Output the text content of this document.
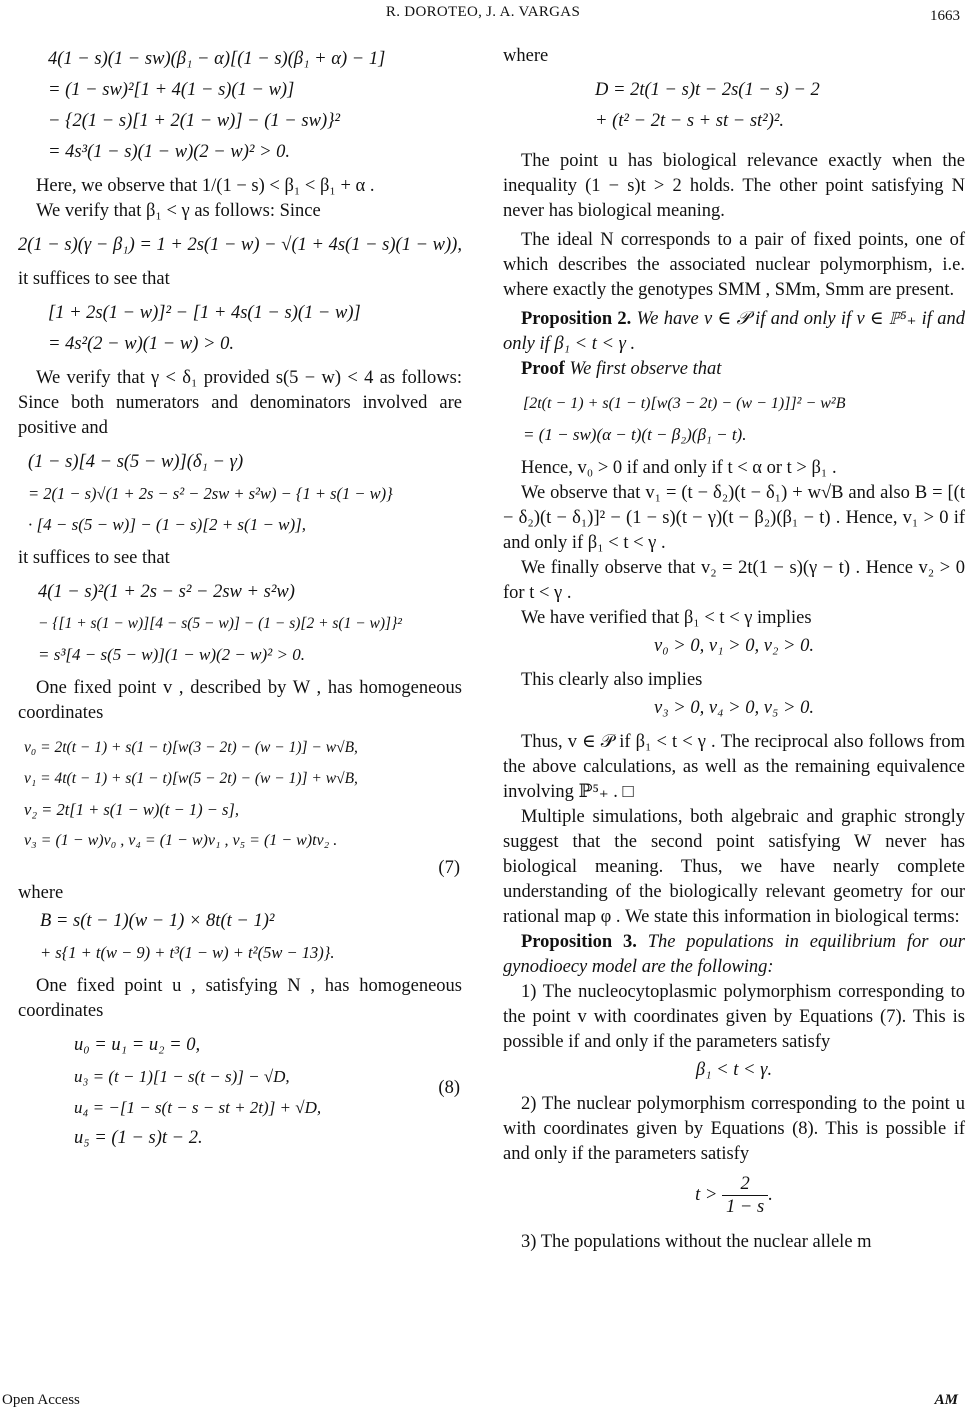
R. DOROTEO, J. A. VARGAS	1663
4(1 − s)(1 − sw)(β₁ − α)[(1 − s)(β₁ + α) − 1]
= (1 − sw)²[1 + 4(1 − s)(1 − w)]
− {2(1 − s)[1 + 2(1 − w)] − (1 − sw)}²
= 4s³(1 − s)(1 − w)(2 − w)² > 0.

Here, we observe that 1/(1 − s) < β₁ < β₁ + α .

We verify that β₁ < γ as follows: Since

2(1 − s)(γ − β₁) = 1 + 2s(1 − w) − √(1 + 4s(1 − s)(1 − w)),

it suffices to see that

[1 + 2s(1 − w)]² − [1 + 4s(1 − s)(1 − w)]
= 4s²(2 − w)(1 − w) > 0.

We verify that γ < δ₁ provided s(5 − w) < 4 as follows: Since both numerators and denominators involved are positive and

(1 − s)[4 − s(5 − w)](δ₁ − γ)
= 2(1 − s)√(1 + 2s − s² − 2sw + s²w) − {1 + s(1 − w)}
· [4 − s(5 − w)] − (1 − s)[2 + s(1 − w)],

it suffices to see that

4(1 − s)²(1 + 2s − s² − 2sw + s²w)
− {[1 + s(1 − w)][4 − s(5 − w)] − (1 − s)[2 + s(1 − w)]}²
= s³[4 − s(5 − w)](1 − w)(2 − w)² > 0.

One fixed point v , described by W , has homogeneous coordinates

v₀ = 2t(t − 1) + s(1 − t)[w(3 − 2t) − (w − 1)] − w√B,
v₁ = 4t(t − 1) + s(1 − t)[w(5 − 2t) − (w − 1)] + w√B,
v₂ = 2t[1 + s(1 − w)(t − 1) − s],
v₃ = (1 − w)v₀ , v₄ = (1 − w)v₁ , v₅ = (1 − w)tv₂ .
(7)

where

B = s(t − 1)(w − 1) × 8t(t − 1)²
+ s{1 + t(w − 9) + t³(1 − w) + t²(5w − 13)}.

One fixed point u , satisfying N , has homogeneous coordinates

u₀ = u₁ = u₂ = 0,
u₃ = (t − 1)[1 − s(t − s)] − √D,
u₄ = −[1 − s(t − s − st + 2t)] + √D,
u₅ = (1 − s)t − 2.
(8)

where

D = 2t(1 − s)t − 2s(1 − s) − 2
+ (t² − 2t − s + st − st²)².

The point u has biological relevance exactly when the inequality (1 − s)t > 2 holds. The other point satisfying N never has biological meaning.

The ideal N corresponds to a pair of fixed points, one of which describes the associated nuclear polymorphism, i.e. where exactly the genotypes SMM , SMm, Smm are present.

Proposition 2. We have v ∈ 𝒫 if and only if v ∈ ℙ⁵₊ if and only if β₁ < t < γ .

Proof We first observe that

[2t(t − 1) + s(1 − t)[w(3 − 2t) − (w − 1)]]² − w²B
= (1 − sw)(α − t)(t − β₂)(β₁ − t).

Hence, v₀ > 0 if and only if t < α or t > β₁ .

We observe that v₁ = (t − δ₂)(t − δ₁) + w√B and also B = [(t − δ₂)(t − δ₁)]² − (1 − s)(t − γ)(t − β₂)(β₁ − t) . Hence, v₁ > 0 if and only if β₁ < t < γ .

We finally observe that v₂ = 2t(1 − s)(γ − t) . Hence v₂ > 0 for t < γ .

We have verified that β₁ < t < γ implies

v₀ > 0, v₁ > 0, v₂ > 0.

This clearly also implies

v₃ > 0, v₄ > 0, v₅ > 0.

Thus, v ∈ 𝒫 if β₁ < t < γ . The reciprocal also follows from the above calculations, as well as the remaining equivalence involving ℙ⁵₊ . □

Multiple simulations, both algebraic and graphic strongly suggest that the second point satisfying W never has biological meaning. Thus, we have nearly complete understanding of the biologically relevant geometry for our rational map φ . We state this information in biological terms:

Proposition 3. The populations in equilibrium for our gynodioecy model are the following:

1) The nucleocytoplasmic polymorphism corresponding to the point v with coordinates given by Equations (7). This is possible if and only if the parameters satisfy

β₁ < t < γ.

2) The nuclear polymorphism corresponding to the point u with coordinates given by Equations (8). This is possible if and only if the parameters satisfy

$t > \frac{2}{1 - s}$ .

3) The populations without the nuclear allele m

Open Access	AM
